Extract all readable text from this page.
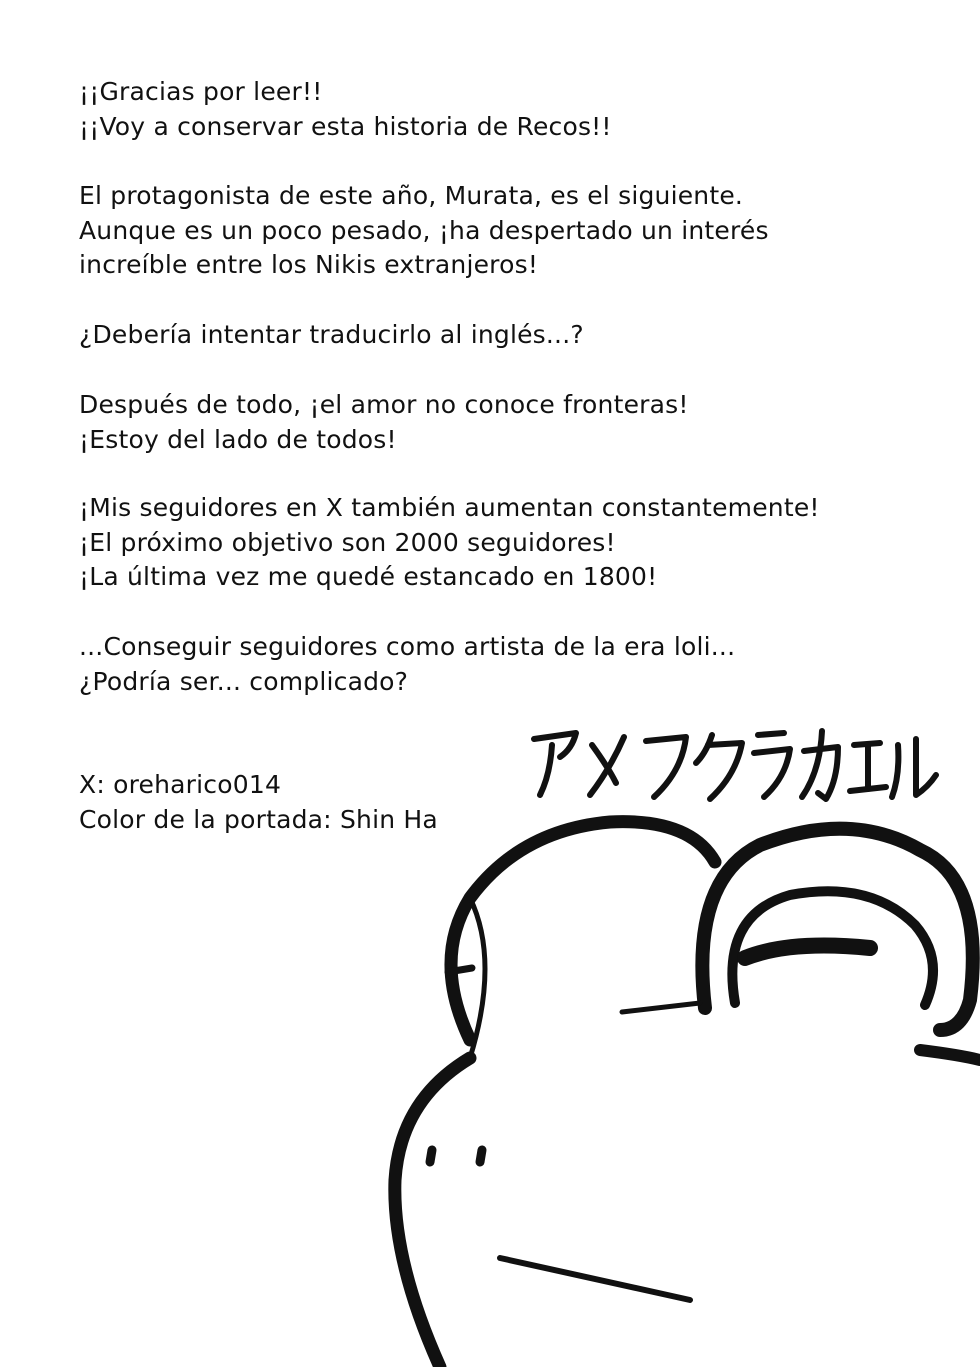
¡¡Gracias por leer!!
¡¡Voy a conservar esta historia de Recos!!
El protagonista de este año, Murata, es el siguiente.
Aunque es un poco pesado, ¡ha despertado un interés
increíble entre los Nikis extranjeros!
¿Debería intentar traducirlo al inglés...?
Después de todo, ¡el amor no conoce fronteras!
¡Estoy del lado de todos!
¡Mis seguidores en X también aumentan constantemente!
¡El próximo objetivo son 2000 seguidores!
¡La última vez me quedé estancado en 1800!
...Conseguir seguidores como artista de la era loli...
¿Podría ser... complicado?
X: oreharico014
Color de la portada: Shin Ha
